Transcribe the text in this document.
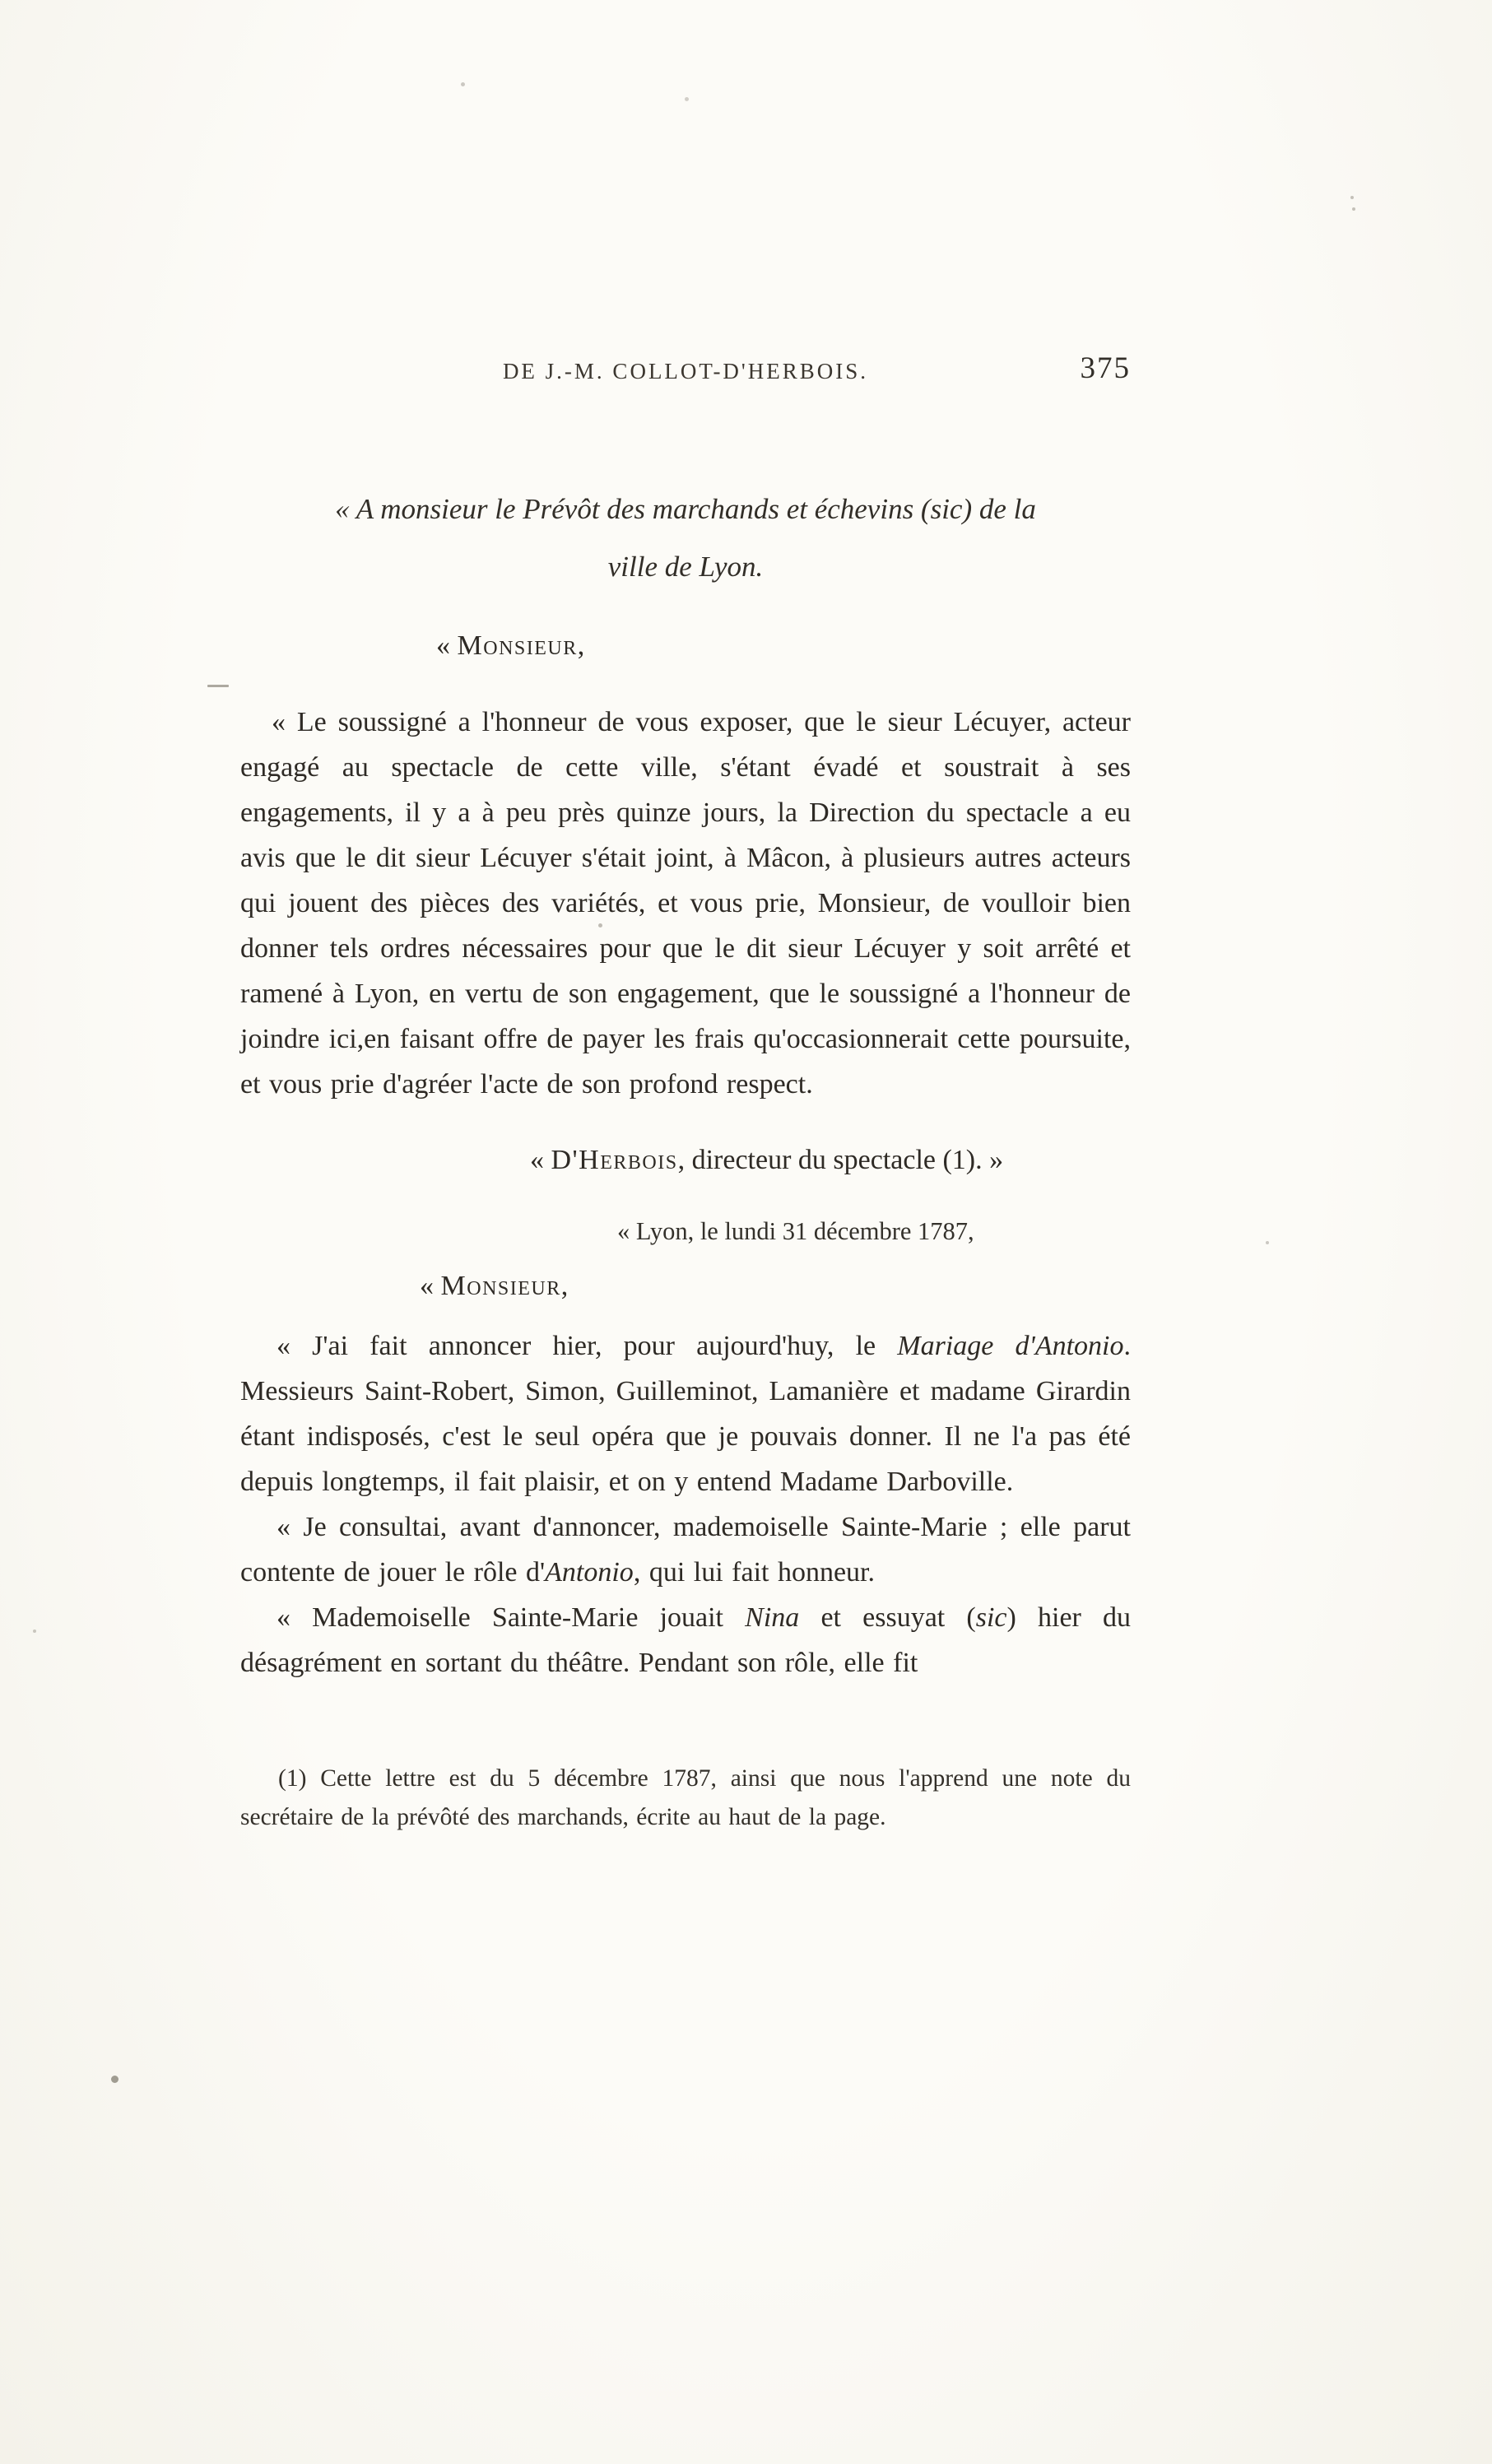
DE J.-M. COLLOT-D'HERBOIS.	375

« A monsieur le Prévôt des marchands et échevins (sic) de la
ville de Lyon.

« Monsieur,

« Le soussigné a l'honneur de vous exposer, que le sieur Lécuyer, acteur engagé au spectacle de cette ville, s'étant évadé et soustrait à ses engagements, il y a à peu près quinze jours, la Direction du spectacle a eu avis que le dit sieur Lécuyer s'était joint, à Mâcon, à plusieurs autres acteurs qui jouent des pièces des variétés, et vous prie, Monsieur, de voulloir bien donner tels ordres nécessaires pour que le dit sieur Lécuyer y soit arrêté et ramené à Lyon, en vertu de son engagement, que le soussigné a l'honneur de joindre ici,en faisant offre de payer les frais qu'occasionnerait cette poursuite, et vous prie d'agréer l'acte de son profond respect.

« D'Herbois, directeur du spectacle (1). »
« Lyon, le lundi 31 décembre 1787,
« Monsieur,

« J'ai fait annoncer hier, pour aujourd'huy, le Mariage d'Antonio. Messieurs Saint-Robert, Simon, Guilleminot, Lamanière et madame Girardin étant indisposés, c'est le seul opéra que je pouvais donner. Il ne l'a pas été depuis longtemps, il fait plaisir, et on y entend Madame Darboville.

« Je consultai, avant d'annoncer, mademoiselle Sainte-Marie ; elle parut contente de jouer le rôle d'Antonio, qui lui fait honneur.

« Mademoiselle Sainte-Marie jouait Nina et essuyat (sic) hier du désagrément en sortant du théâtre. Pendant son rôle, elle fit

(1) Cette lettre est du 5 décembre 1787, ainsi que nous l'apprend une note du secrétaire de la prévôté des marchands, écrite au haut de la page.
